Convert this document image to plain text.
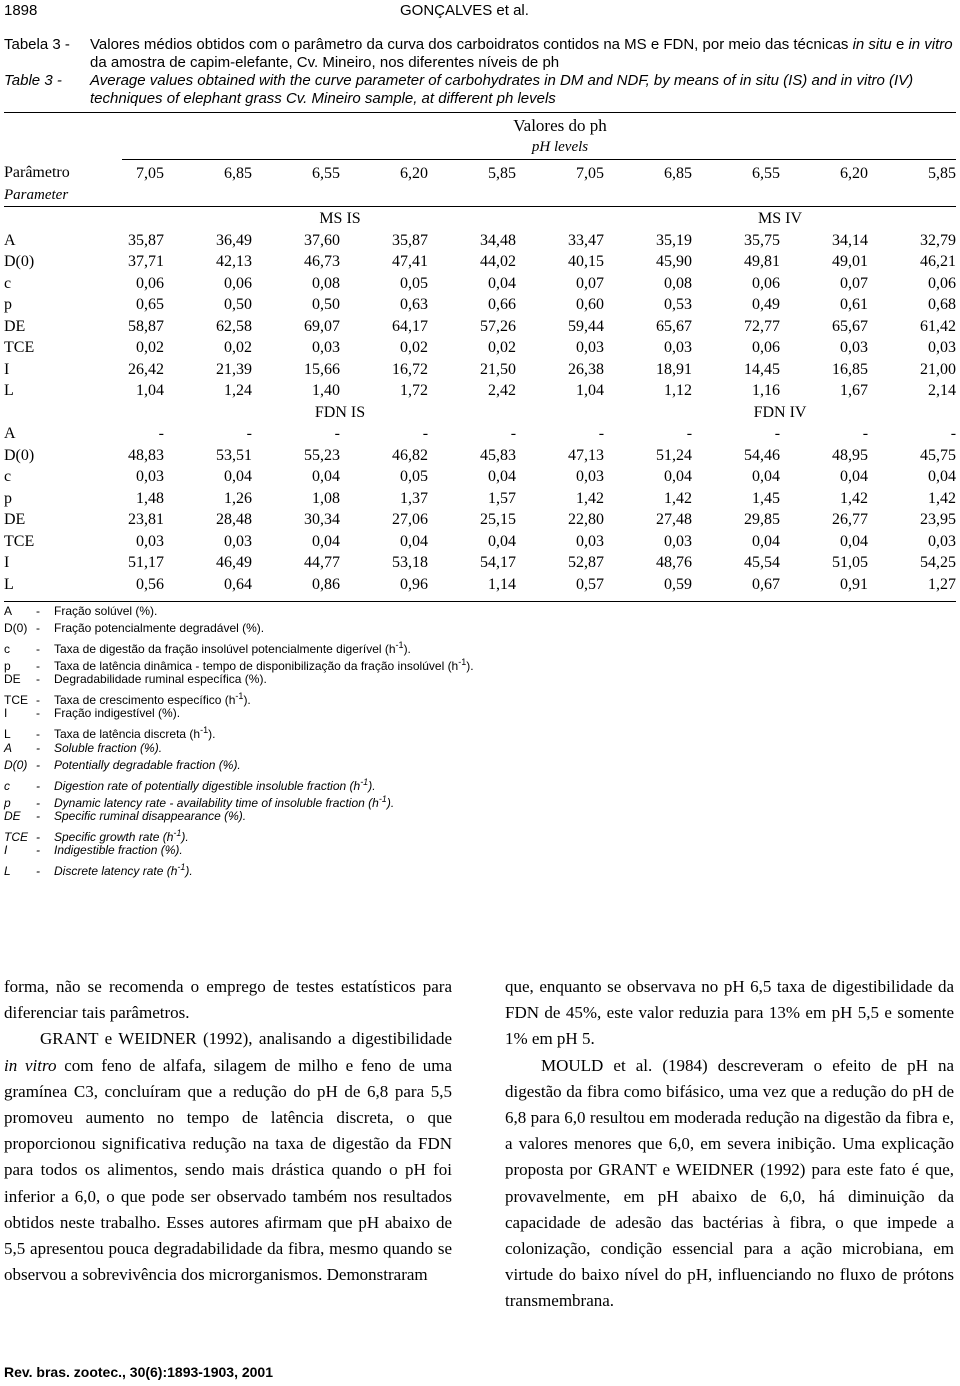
1898	GONÇALVES et al.
Tabela 3 - Valores médios obtidos com o parâmetro da curva dos carboidratos contidos na MS e FDN, por meio das técnicas in situ e in vitro da amostra de capim-elefante, Cv. Mineiro, nos diferentes níveis de ph
Table 3 - Average values obtained with the curve parameter of carbohydrates in DM and NDF, by means of in situ (IS) and in vitro (IV) techniques of elephant grass Cv. Mineiro sample, at different ph levels
Valores do ph
pH levels
Parâmetro
Parameter
	7,05	6,85	6,55	6,20	5,85	7,05	6,85	6,55	6,20	5,85
			MS IS					MS IV		
A	35,87	36,49	37,60	35,87	34,48	33,47	35,19	35,75	34,14	32,79
D(0)	37,71	42,13	46,73	47,41	44,02	40,15	45,90	49,81	49,01	46,21
c	0,06	0,06	0,08	0,05	0,04	0,07	0,08	0,06	0,07	0,06
p	0,65	0,50	0,50	0,63	0,66	0,60	0,53	0,49	0,61	0,68
DE	58,87	62,58	69,07	64,17	57,26	59,44	65,67	72,77	65,67	61,42
TCE	0,02	0,02	0,03	0,02	0,02	0,03	0,03	0,06	0,03	0,03
I	26,42	21,39	15,66	16,72	21,50	26,38	18,91	14,45	16,85	21,00
L	1,04	1,24	1,40	1,72	2,42	1,04	1,12	1,16	1,67	2,14
			FDN IS					FDN IV		
A	-	-	-	-	-	-	-	-	-	-
D(0)	48,83	53,51	55,23	46,82	45,83	47,13	51,24	54,46	48,95	45,75
c	0,03	0,04	0,04	0,05	0,04	0,03	0,04	0,04	0,04	0,04
p	1,48	1,26	1,08	1,37	1,57	1,42	1,42	1,45	1,42	1,42
DE	23,81	28,48	30,34	27,06	25,15	22,80	27,48	29,85	26,77	23,95
TCE	0,03	0,03	0,04	0,04	0,04	0,03	0,03	0,04	0,04	0,03
I	51,17	46,49	44,77	53,18	54,17	52,87	48,76	45,54	51,05	54,25
L	0,56	0,64	0,86	0,96	1,14	0,57	0,59	0,67	0,91	1,27
A - Fração solúvel (%).
D(0) - Fração potencialmente degradável (%).
c - Taxa de digestão da fração insolúvel potencialmente digerível $(h^{-1})$.
p - Taxa de latência dinâmica - tempo de disponibilização da fração insolúvel $(h^{-1})$.
DE - Degradabilidade ruminal específica (%).
TCE - Taxa de crescimento específico $(h^{-1})$.
I - Fração indigestível (%).
L - Taxa de latência discreta $(h^{-1})$.
A - Soluble fraction (%).
D(0) - Potentially degradable fraction (%).
c - Digestion rate of potentially digestible insoluble fraction $(h^{-1})$.
p - Dynamic latency rate - availability time of insoluble fraction $(h^{-1})$.
DE - Specific ruminal disappearance (%).
TCE - Specific growth rate $(h^{-1})$.
I - Indigestible fraction (%).
L - Discrete latency rate $(h^{-1})$.

forma, não se recomenda o emprego de testes estatísticos para diferenciar tais parâmetros.

GRANT e WEIDNER (1992), analisando a digestibilidade in vitro com feno de alfafa, silagem de milho e feno de uma gramínea C3, concluíram que a redução do pH de 6,8 para 5,5 promoveu aumento no tempo de latência discreta, o que proporcionou significativa redução na taxa de digestão da FDN para todos os alimentos, sendo mais drástica quando o pH foi inferior a 6,0, o que pode ser observado também nos resultados obtidos neste trabalho. Esses autores afirmam que pH abaixo de 5,5 apresentou pouca degradabilidade da fibra, mesmo quando se observou a sobrevivência dos microrganismos. Demonstraram

que, enquanto se observava no pH 6,5 taxa de digestibilidade da FDN de 45%, este valor reduzia para 13% em pH 5,5 e somente 1% em pH 5.

MOULD et al. (1984) descreveram o efeito de pH na digestão da fibra como bifásico, uma vez que a redução do pH de 6,8 para 6,0 resultou em moderada redução na digestão da fibra e, a valores menores que 6,0, em severa inibição. Uma explicação proposta por GRANT e WEIDNER (1992) para este fato é que, provavelmente, em pH abaixo de 6,0, há diminuição da capacidade de adesão das bactérias à fibra, o que impede a colonização, condição essencial para a ação microbiana, em virtude do baixo nível do pH, influenciando no fluxo de prótons transmembrana.

Rev. bras. zootec., 30(6):1893-1903, 2001
